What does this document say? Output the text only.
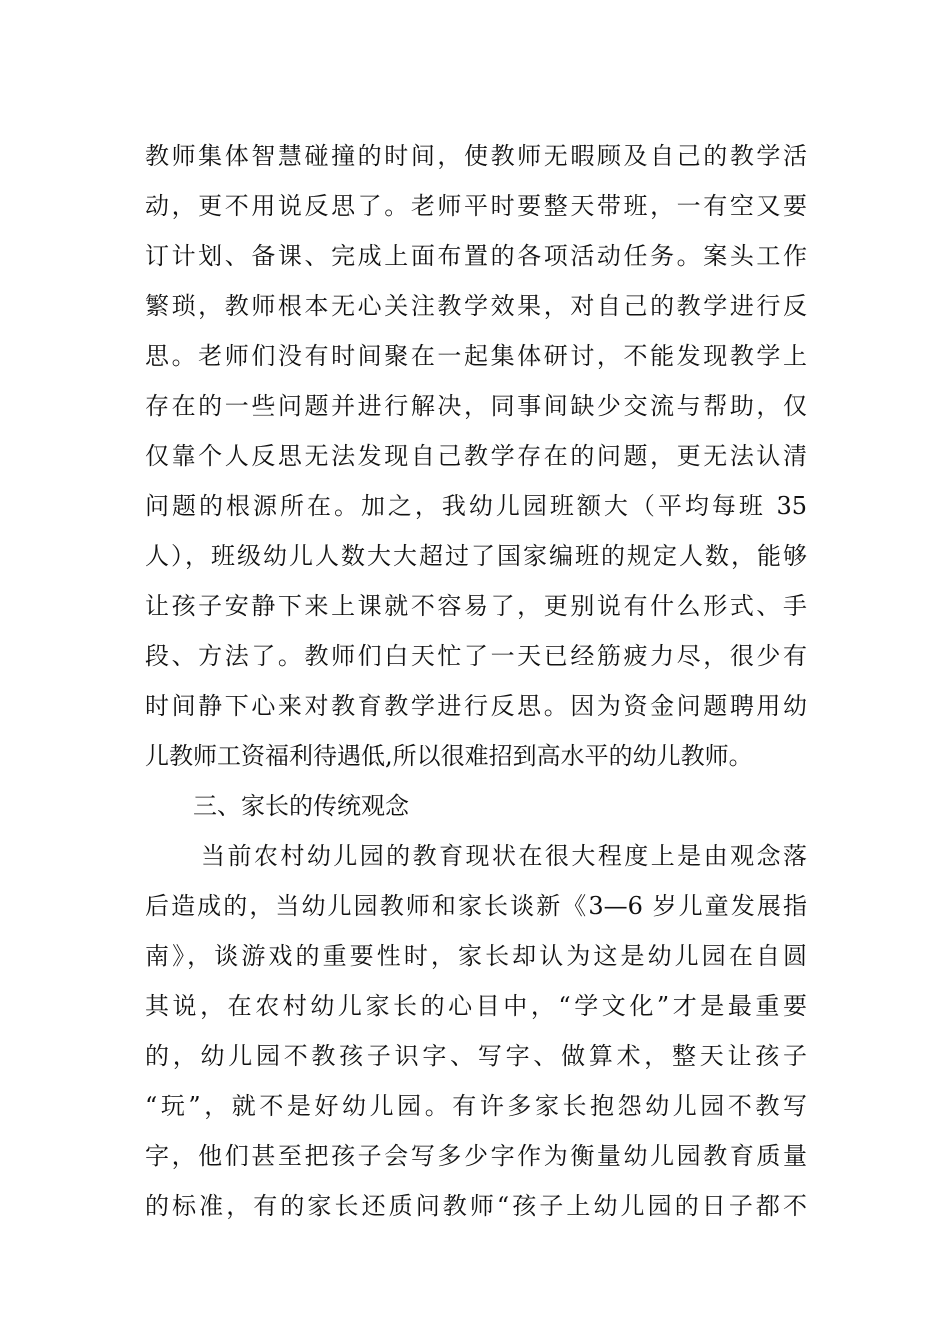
教师集体智慧碰撞的时间，使教师无暇顾及自己的教学活
动，更不用说反思了。老师平时要整天带班，一有空又要
订计划、备课、完成上面布置的各项活动任务。案头工作
繁琐，教师根本无心关注教学效果，对自己的教学进行反
思。老师们没有时间聚在一起集体研讨，不能发现教学上
存在的一些问题并进行解决，同事间缺少交流与帮助，仅
仅靠个人反思无法发现自己教学存在的问题，更无法认清
问题的根源所在。加之，我幼儿园班额大（平均每班 35
人），班级幼儿人数大大超过了国家编班的规定人数，能够
让孩子安静下来上课就不容易了，更别说有什么形式、手
段、方法了。教师们白天忙了一天已经筋疲力尽，很少有
时间静下心来对教育教学进行反思。因为资金问题聘用幼
儿教师工资福利待遇低,所以很难招到高水平的幼儿教师。
三、家长的传统观念
当前农村幼儿园的教育现状在很大程度上是由观念落
后造成的，当幼儿园教师和家长谈新《3—6 岁儿童发展指
南》，谈游戏的重要性时，家长却认为这是幼儿园在自圆
其说，在农村幼儿家长的心目中，“学文化”才是最重要
的，幼儿园不教孩子识字、写字、做算术，整天让孩子
“玩”，就不是好幼儿园。有许多家长抱怨幼儿园不教写
字，他们甚至把孩子会写多少字作为衡量幼儿园教育质量
的标准，有的家长还质问教师“孩子上幼儿园的日子都不
